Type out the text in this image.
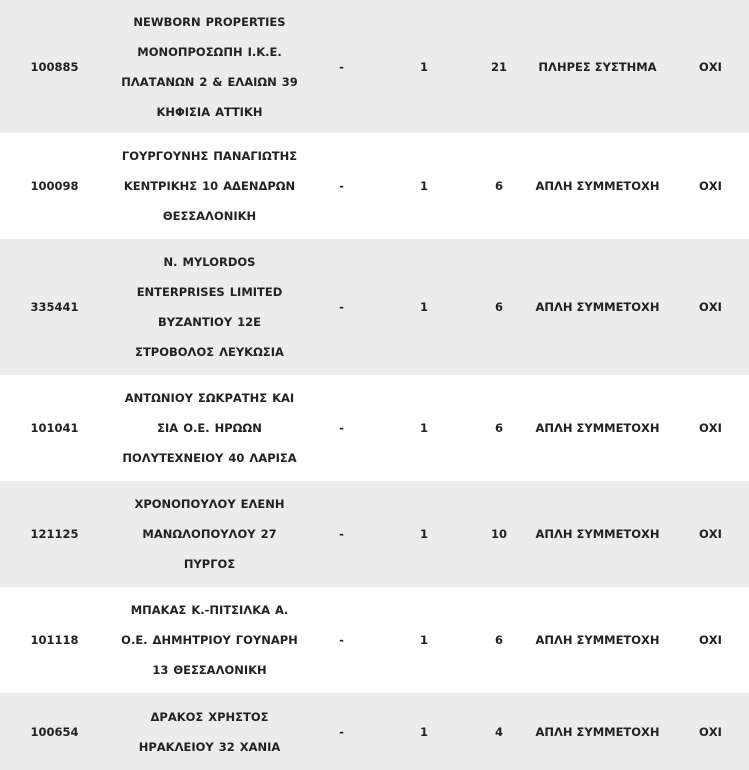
100885	NEWBORN PROPERTIES
ΜΟΝΟΠΡΟΣΩΠΗ Ι.Κ.Ε.
ΠΛΑΤΑΝΩΝ 2 & ΕΛΑΙΩΝ 39
ΚΗΦΙΣΙΑ ΑΤΤΙΚΗ	-	1	21	ΠΛΗΡΕΣ ΣΥΣΤΗΜΑ	ΟΧΙ
100098	ΓΟΥΡΓΟΥΝΗΣ ΠΑΝΑΓΙΩΤΗΣ
ΚΕΝΤΡΙΚΗΣ 10 ΑΔΕΝΔΡΩΝ
ΘΕΣΣΑΛΟΝΙΚΗ	-	1	6	ΑΠΛΗ ΣΥΜΜΕΤΟΧΗ	ΟΧΙ
335441	N. MYLORDOS
ENTERPRISES LIMITED
ΒΥΖΑΝΤΙΟΥ 12Ε
ΣΤΡΟΒΟΛΟΣ ΛΕΥΚΩΣΙΑ	-	1	6	ΑΠΛΗ ΣΥΜΜΕΤΟΧΗ	ΟΧΙ
101041	ΑΝΤΩΝΙΟΥ ΣΩΚΡΑΤΗΣ ΚΑΙ
ΣΙΑ Ο.Ε. ΗΡΩΩΝ
ΠΟΛΥΤΕΧΝΕΙΟΥ 40 ΛΑΡΙΣΑ	-	1	6	ΑΠΛΗ ΣΥΜΜΕΤΟΧΗ	ΟΧΙ
121125	ΧΡΟΝΟΠΟΥΛΟΥ ΕΛΕΝΗ
ΜΑΝΩΛΟΠΟΥΛΟΥ 27
ΠΥΡΓΟΣ	-	1	10	ΑΠΛΗ ΣΥΜΜΕΤΟΧΗ	ΟΧΙ
101118	ΜΠΑΚΑΣ Κ.-ΠΙΤΣΙΛΚΑ Α.
Ο.Ε. ΔΗΜΗΤΡΙΟΥ ΓΟΥΝΑΡΗ
13 ΘΕΣΣΑΛΟΝΙΚΗ	-	1	6	ΑΠΛΗ ΣΥΜΜΕΤΟΧΗ	ΟΧΙ
100654	ΔΡΑΚΟΣ ΧΡΗΣΤΟΣ
ΗΡΑΚΛΕΙΟΥ 32 ΧΑΝΙΑ	-	1	4	ΑΠΛΗ ΣΥΜΜΕΤΟΧΗ	ΟΧΙ
